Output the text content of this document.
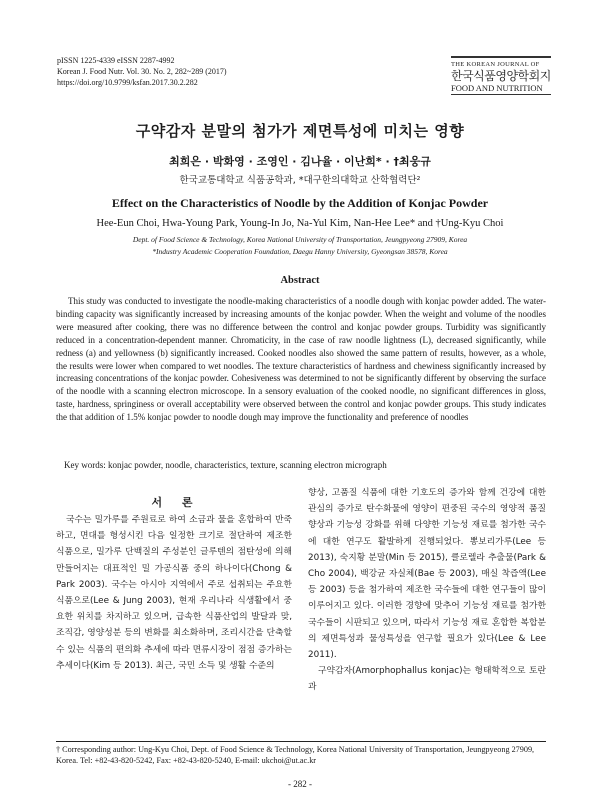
pISSN 1225-4339 eISSN 2287-4992
Korean J. Food Nutr. Vol. 30. No. 2, 282~289 (2017)
https://doi.org/10.9799/ksfan.2017.30.2.282
THE KOREAN JOURNAL OF
한국식품영양학회지
FOOD AND NUTRITION
구약감자 분말의 첨가가 제면특성에 미치는 영향
최희은 · 박화영 · 조영인 · 김나율 · 이난희* · †최웅규
한국교통대학교 식품공학과, *대구한의대학교 산학협력단²
Effect on the Characteristics of Noodle by the Addition of Konjac Powder
Hee-Eun Choi, Hwa-Young Park, Young-In Jo, Na-Yul Kim, Nan-Hee Lee* and †Ung-Kyu Choi
Dept. of Food Science & Technology, Korea National University of Transportation, Jeungpyeong 27909, Korea
*Industry Academic Cooperation Foundation, Daegu Hanny University, Gyeongsan 38578, Korea
Abstract
This study was conducted to investigate the noodle-making characteristics of a noodle dough with konjac powder added. The water-binding capacity was significantly increased by increasing amounts of the konjac powder. When the weight and volume of the noodles were measured after cooking, there was no difference between the control and konjac powder groups. Turbidity was significantly reduced in a concentration-dependent manner. Chromaticity, in the case of raw noodle lightness (L), decreased significantly, while redness (a) and yellowness (b) significantly increased. Cooked noodles also showed the same pattern of results, however, as a whole, the results were lower when compared to wet noodles. The texture characteristics of hardness and chewiness significantly increased by increasing concentrations of the konjac powder. Cohesiveness was determined to not be significantly different by observing the surface of the noodle with a scanning electron microscope. In a sensory evaluation of the cooked noodle, no significant differences in gloss, taste, hardness, springiness or overall acceptability were observed between the control and konjac powder groups. This study indicates the that addition of 1.5% konjac powder to noodle dough may improve the functionality and preference of noodles
Key words: konjac powder, noodle, characteristics, texture, scanning electron micrograph
서 론

국수는 밀가루를 주원료로 하여 소금과 물을 혼합하여 반죽하고, 면대를 형성시킨 다음 일정한 크기로 절단하여 제조한 식품으로, 밀가루 단백질의 주성분인 글루텐의 점탄성에 의해 만들어지는 대표적인 밀 가공식품 중의 하나이다(Chong & Park 2003). 국수는 아시아 지역에서 주로 섭취되는 주요한 식품으로(Lee & Jung 2003), 현재 우리나라 식생활에서 중요한 위치를 차지하고 있으며, 급속한 식품산업의 발달과 맞, 조직감, 영양성분 등의 변화를 최소화하며, 조리시간을 단축할 수 있는 식품의 편의화 추세에 따라 면류시장이 점점 증가하는 추세이다(Kim 등 2013). 최근, 국민 소득 및 생활 수준의

향상, 고품질 식품에 대한 기호도의 증가와 함께 건강에 대한 관심의 증가로 탄수화물에 영양이 편중된 국수의 영양적 품질 향상과 기능성 강화를 위해 다양한 기능성 재료를 첨가한 국수에 대한 연구도 활발하게 진행되었다. 뽕보리가루(Lee 등 2013), 숙지황 분말(Min 등 2015), 클로렐라 추출물(Park & Cho 2004), 백강균 자실체(Bae 등 2003), 매실 착즙액(Lee 등 2003) 등을 첨가하여 제조한 국수들에 대한 연구들이 많이 이루어지고 있다. 이러한 경향에 맞추어 기능성 재료를 첨가한 국수들이 시판되고 있으며, 따라서 기능성 재료 혼합한 복합분의 제면특성과 물성특성을 연구할 필요가 있다(Lee & Lee 2011).

구약감자(Amorphophallus konjac)는 형태학적으로 토란과

† Corresponding author: Ung-Kyu Choi, Dept. of Food Science & Technology, Korea National University of Transportation, Jeungpyeong 27909, Korea. Tel: +82-43-820-5242, Fax: +82-43-820-5240, E-mail: ukchoi@ut.ac.kr
- 282 -
